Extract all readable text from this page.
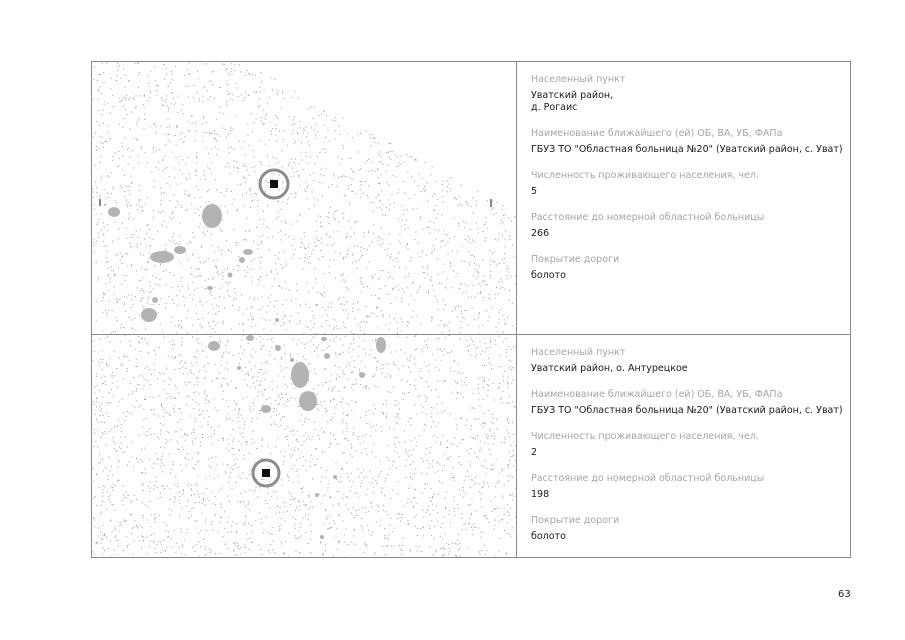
Населенный пункт
Уватский район,
д. Рогаис
Наименование ближайшего (ей) ОБ, ВА, УБ, ФАПа
ГБУЗ ТО "Областная больница №20" (Уватский район, с. Уват)
Численность проживающего населения, чел.
5
Расстояние до номерной областной больницы
266
Покрытие дороги
болото
Населенный пункт
Уватский район, о. Антурецкое
Наименование ближайшего (ей) ОБ, ВА, УБ, ФАПа
ГБУЗ ТО "Областная больница №20" (Уватский район, с. Уват)
Численность проживающего населения, чел.
2
Расстояние до номерной областной больницы
198
Покрытие дороги
болото
63
